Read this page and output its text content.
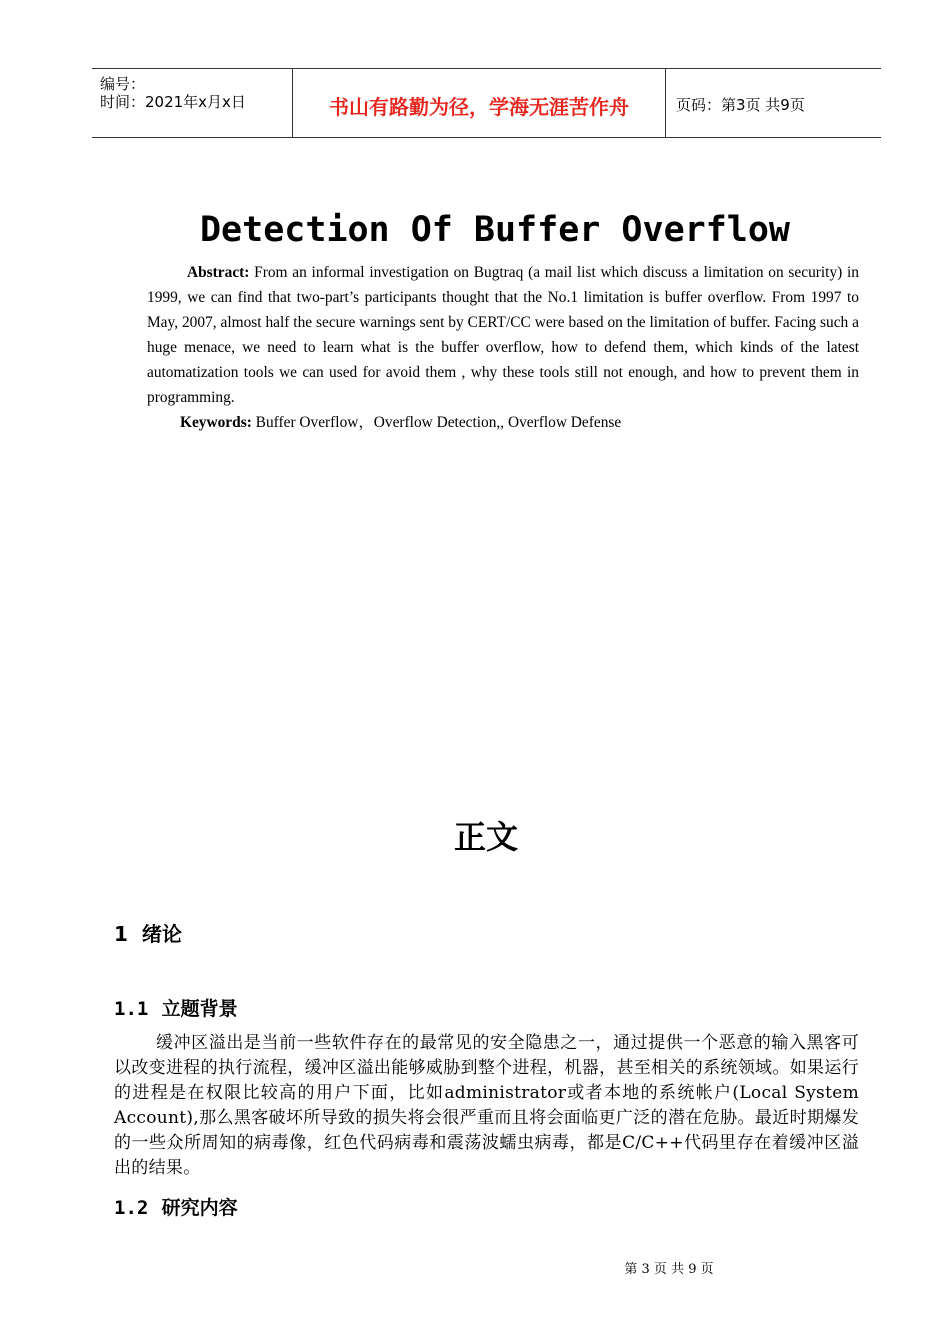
编号：
时间：2021年x月x日	书山有路勤为径，学海无涯苦作舟	页码：第3页 共9页
Detection Of Buffer Overflow
Abstract: From an informal investigation on Bugtraq (a mail list which discuss a limitation on security) in 1999, we can find that two-part’s participants thought that the No.1 limitation is buffer overflow. From 1997 to May, 2007, almost half the secure warnings sent by CERT/CC were based on the limitation of buffer. Facing such a huge menace, we need to learn what is the buffer overflow, how to defend them, which kinds of the latest automatization tools we can used for avoid them , why these tools still not enough, and how to prevent them in programming.
Keywords: Buffer Overflow，Overflow Detection,, Overflow Defense
正文
1 绪论
1.1 立题背景
缓冲区溢出是当前一些软件存在的最常见的安全隐患之一，通过提供一个恶意的输入黑客可以改变进程的执行流程，缓冲区溢出能够威胁到整个进程，机器，甚至相关的系统领域。如果运行的进程是在权限比较高的用户下面，比如administrator或者本地的系统帐户(Local System Account),那么黑客破坏所导致的损失将会很严重而且将会面临更广泛的潜在危胁。最近时期爆发的一些众所周知的病毒像，红色代码病毒和震荡波蠕虫病毒，都是C/C++代码里存在着缓冲区溢出的结果。
1.2 研究内容
第 3 页 共 9 页
